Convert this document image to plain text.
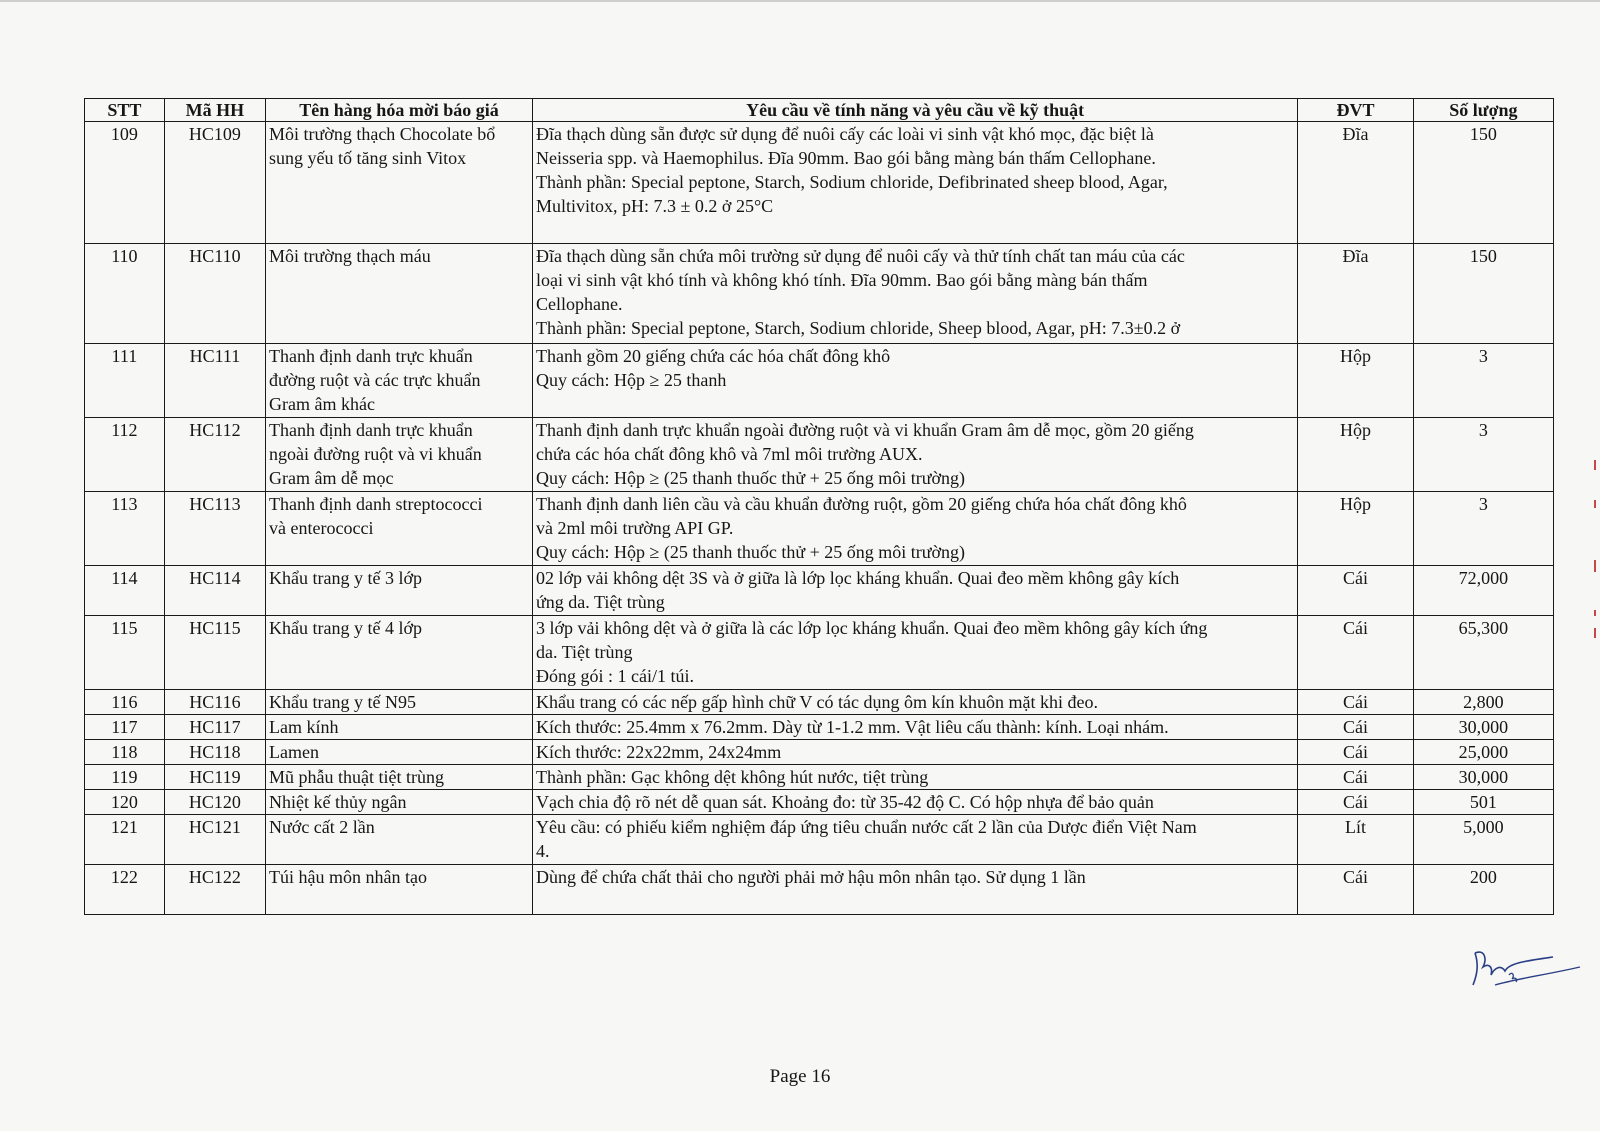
STT	Mã HH	Tên hàng hóa mời báo giá	Yêu cầu về tính năng và yêu cầu về kỹ thuật	ĐVT	Số lượng
109	HC109	Môi trường thạch Chocolate bổ
sung yếu tố tăng sinh Vitox	Đĩa thạch dùng sẵn được sử dụng để nuôi cấy các loài vi sinh vật khó mọc, đặc biệt là
Neisseria spp. và Haemophilus. Đĩa 90mm. Bao gói bằng màng bán thấm Cellophane.
Thành phần: Special peptone, Starch, Sodium chloride, Defibrinated sheep blood, Agar,
Multivitox, pH: 7.3 ± 0.2 ở 25°C	Đĩa	150
110	HC110	Môi trường thạch máu	Đĩa thạch dùng sẵn chứa môi trường sử dụng để nuôi cấy và thử tính chất tan máu của các
loại vi sinh vật khó tính và không khó tính. Đĩa 90mm. Bao gói bằng màng bán thấm
Cellophane.
Thành phần: Special peptone, Starch, Sodium chloride, Sheep blood, Agar, pH: 7.3±0.2 ở	Đĩa	150
111	HC111	Thanh định danh trực khuẩn
đường ruột và các trực khuẩn
Gram âm khác	Thanh gồm 20 giếng chứa các hóa chất đông khô
Quy cách: Hộp ≥ 25 thanh	Hộp	3
112	HC112	Thanh định danh trực khuẩn
ngoài đường ruột và vi khuẩn
Gram âm dễ mọc	Thanh định danh trực khuẩn ngoài đường ruột và vi khuẩn Gram âm dễ mọc, gồm 20 giếng
chứa các hóa chất đông khô và 7ml môi trường AUX.
Quy cách: Hộp ≥ (25 thanh thuốc thử + 25 ống môi trường)	Hộp	3
113	HC113	Thanh định danh streptococci
và enterococci	Thanh định danh liên cầu và cầu khuẩn đường ruột, gồm 20 giếng chứa hóa chất đông khô
và 2ml môi trường API GP.
Quy cách: Hộp ≥ (25 thanh thuốc thử + 25 ống môi trường)	Hộp	3
114	HC114	Khẩu trang y tế 3 lớp	02 lớp vải không dệt 3S và ở giữa là lớp lọc kháng khuẩn. Quai đeo mềm không gây kích
ứng da. Tiệt trùng	Cái	72,000
115	HC115	Khẩu trang y tế 4 lớp	3 lớp vải không dệt và ở giữa là các lớp lọc kháng khuẩn. Quai đeo mềm không gây kích ứng
da. Tiệt trùng
Đóng gói : 1 cái/1 túi.	Cái	65,300
116	HC116	Khẩu trang y tế N95	Khẩu trang có các nếp gấp hình chữ V có tác dụng ôm kín khuôn mặt khi đeo.	Cái	2,800
117	HC117	Lam kính	Kích thước: 25.4mm x 76.2mm. Dày từ 1-1.2 mm. Vật liêu cấu thành: kính. Loại nhám.	Cái	30,000
118	HC118	Lamen	Kích thước: 22x22mm, 24x24mm	Cái	25,000
119	HC119	Mũ phẫu thuật tiệt trùng	Thành phần: Gạc không dệt không hút nước, tiệt trùng	Cái	30,000
120	HC120	Nhiệt kế thủy ngân	Vạch chia độ rõ nét dễ quan sát. Khoảng đo: từ 35-42 độ C. Có hộp nhựa để bảo quản	Cái	501
121	HC121	Nước cất 2 lần	Yêu cầu: có phiếu kiểm nghiệm đáp ứng tiêu chuẩn nước cất 2 lần của Dược điển Việt Nam
4.	Lít	5,000
122	HC122	Túi hậu môn nhân tạo	Dùng để chứa chất thải cho người phải mở hậu môn nhân tạo. Sử dụng 1 lần	Cái	200
Page 16
